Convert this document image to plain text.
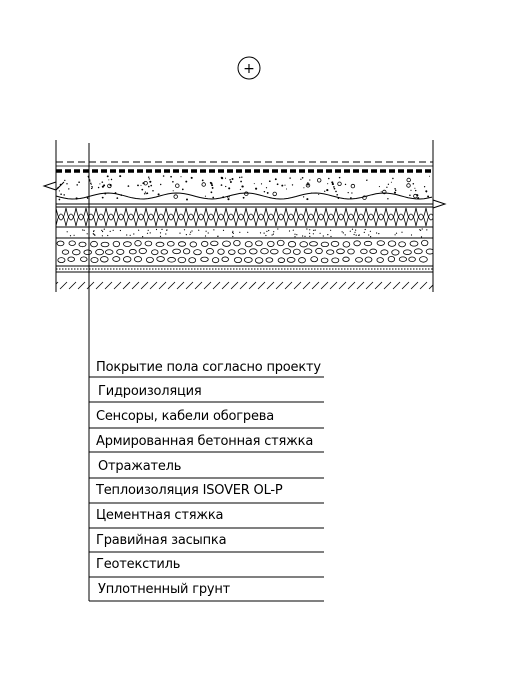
+
Покрытие пола согласно проекту
Гидроизоляция
Сенсоры, кабели обогрева
Армированная бетонная стяжка
Отражатель
Теплоизоляция ISOVER OL-P
Цементная стяжка
Гравийная засыпка
Геотекстиль
Уплотненный грунт
